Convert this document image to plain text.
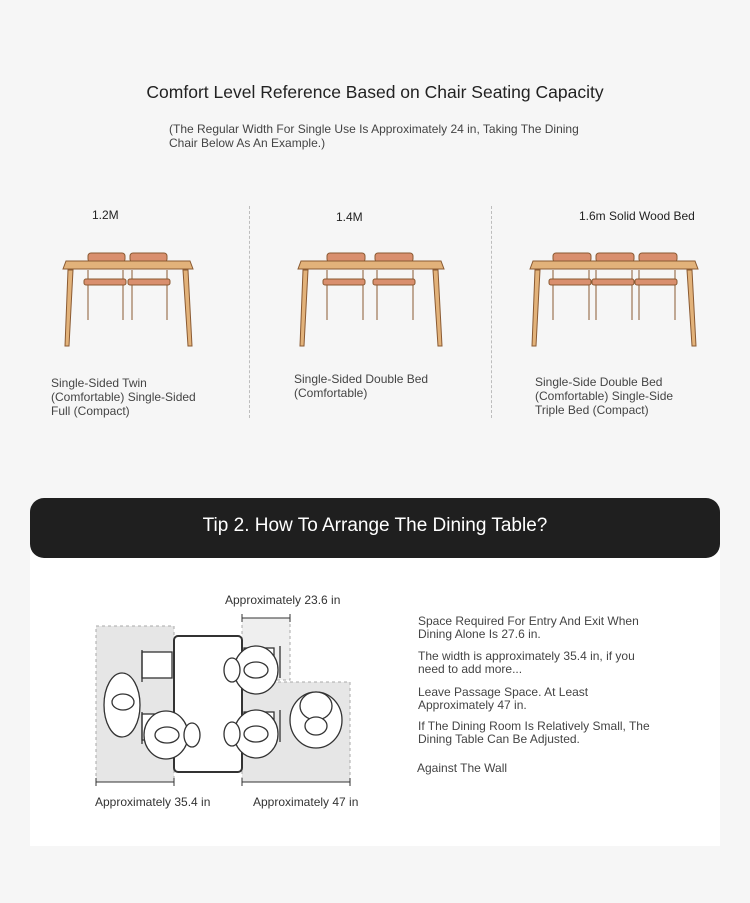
Comfort Level Reference Based on Chair Seating Capacity
(The Regular Width For Single Use Is Approximately 24 in, Taking The Dining Chair Below As An Example.)
1.2M
Single-Sided Twin (Comfortable) Single-Sided Full (Compact)
1.4M
Single-Sided Double Bed (Comfortable)
1.6m Solid Wood Bed
Single-Side Double Bed (Comfortable) Single-Side Triple Bed (Compact)
Approximately 23.6 in
Approximately 35.4 in	Approximately 47 in
Tip 2. How To Arrange The Dining Table?
Space Required For Entry And Exit When Dining Alone Is 27.6 in.
The width is approximately 35.4 in, if you need to add more...
Leave Passage Space. At Least Approximately 47 in.
If The Dining Room Is Relatively Small, The Dining Table Can Be Adjusted.
Against The Wall
